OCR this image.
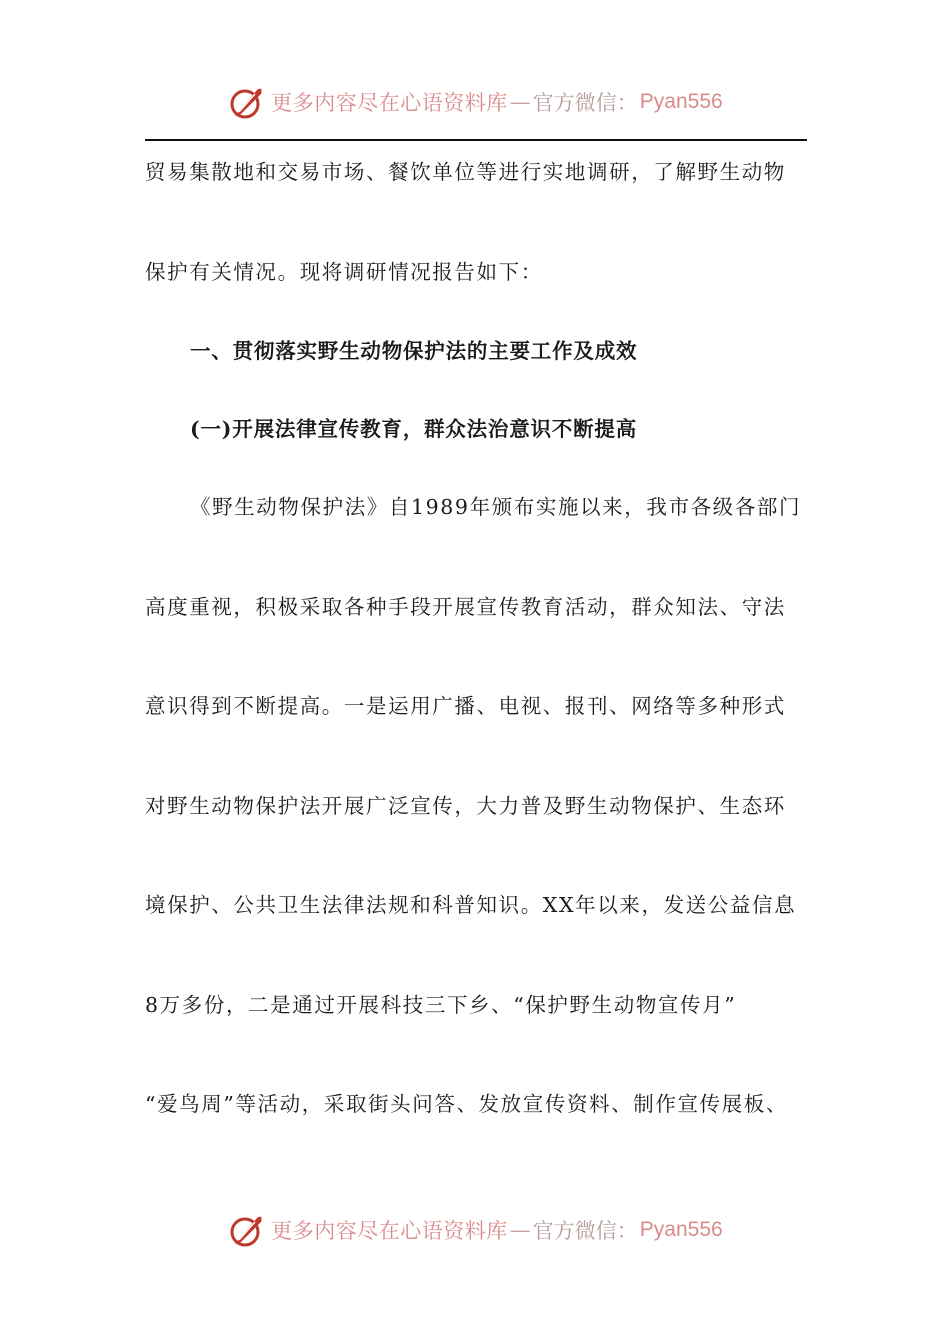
更多内容尽在心语资料库 — 官方微信： Pyan556
贸易集散地和交易市场、餐饮单位等进行实地调研，了解野生动物
保护有关情况。现将调研情况报告如下：
一、贯彻落实野生动物保护法的主要工作及成效
(一)开展法律宣传教育，群众法治意识不断提高
《野生动物保护法》自1989年颁布实施以来，我市各级各部门
高度重视，积极采取各种手段开展宣传教育活动，群众知法、守法
意识得到不断提高。一是运用广播、电视、报刊、网络等多种形式
对野生动物保护法开展广泛宣传，大力普及野生动物保护、生态环
境保护、公共卫生法律法规和科普知识。XX年以来，发送公益信息
8万多份，二是通过开展科技三下乡、“保护野生动物宣传月”
“爱鸟周”等活动，采取街头问答、发放宣传资料、制作宣传展板、
更多内容尽在心语资料库 — 官方微信： Pyan556
